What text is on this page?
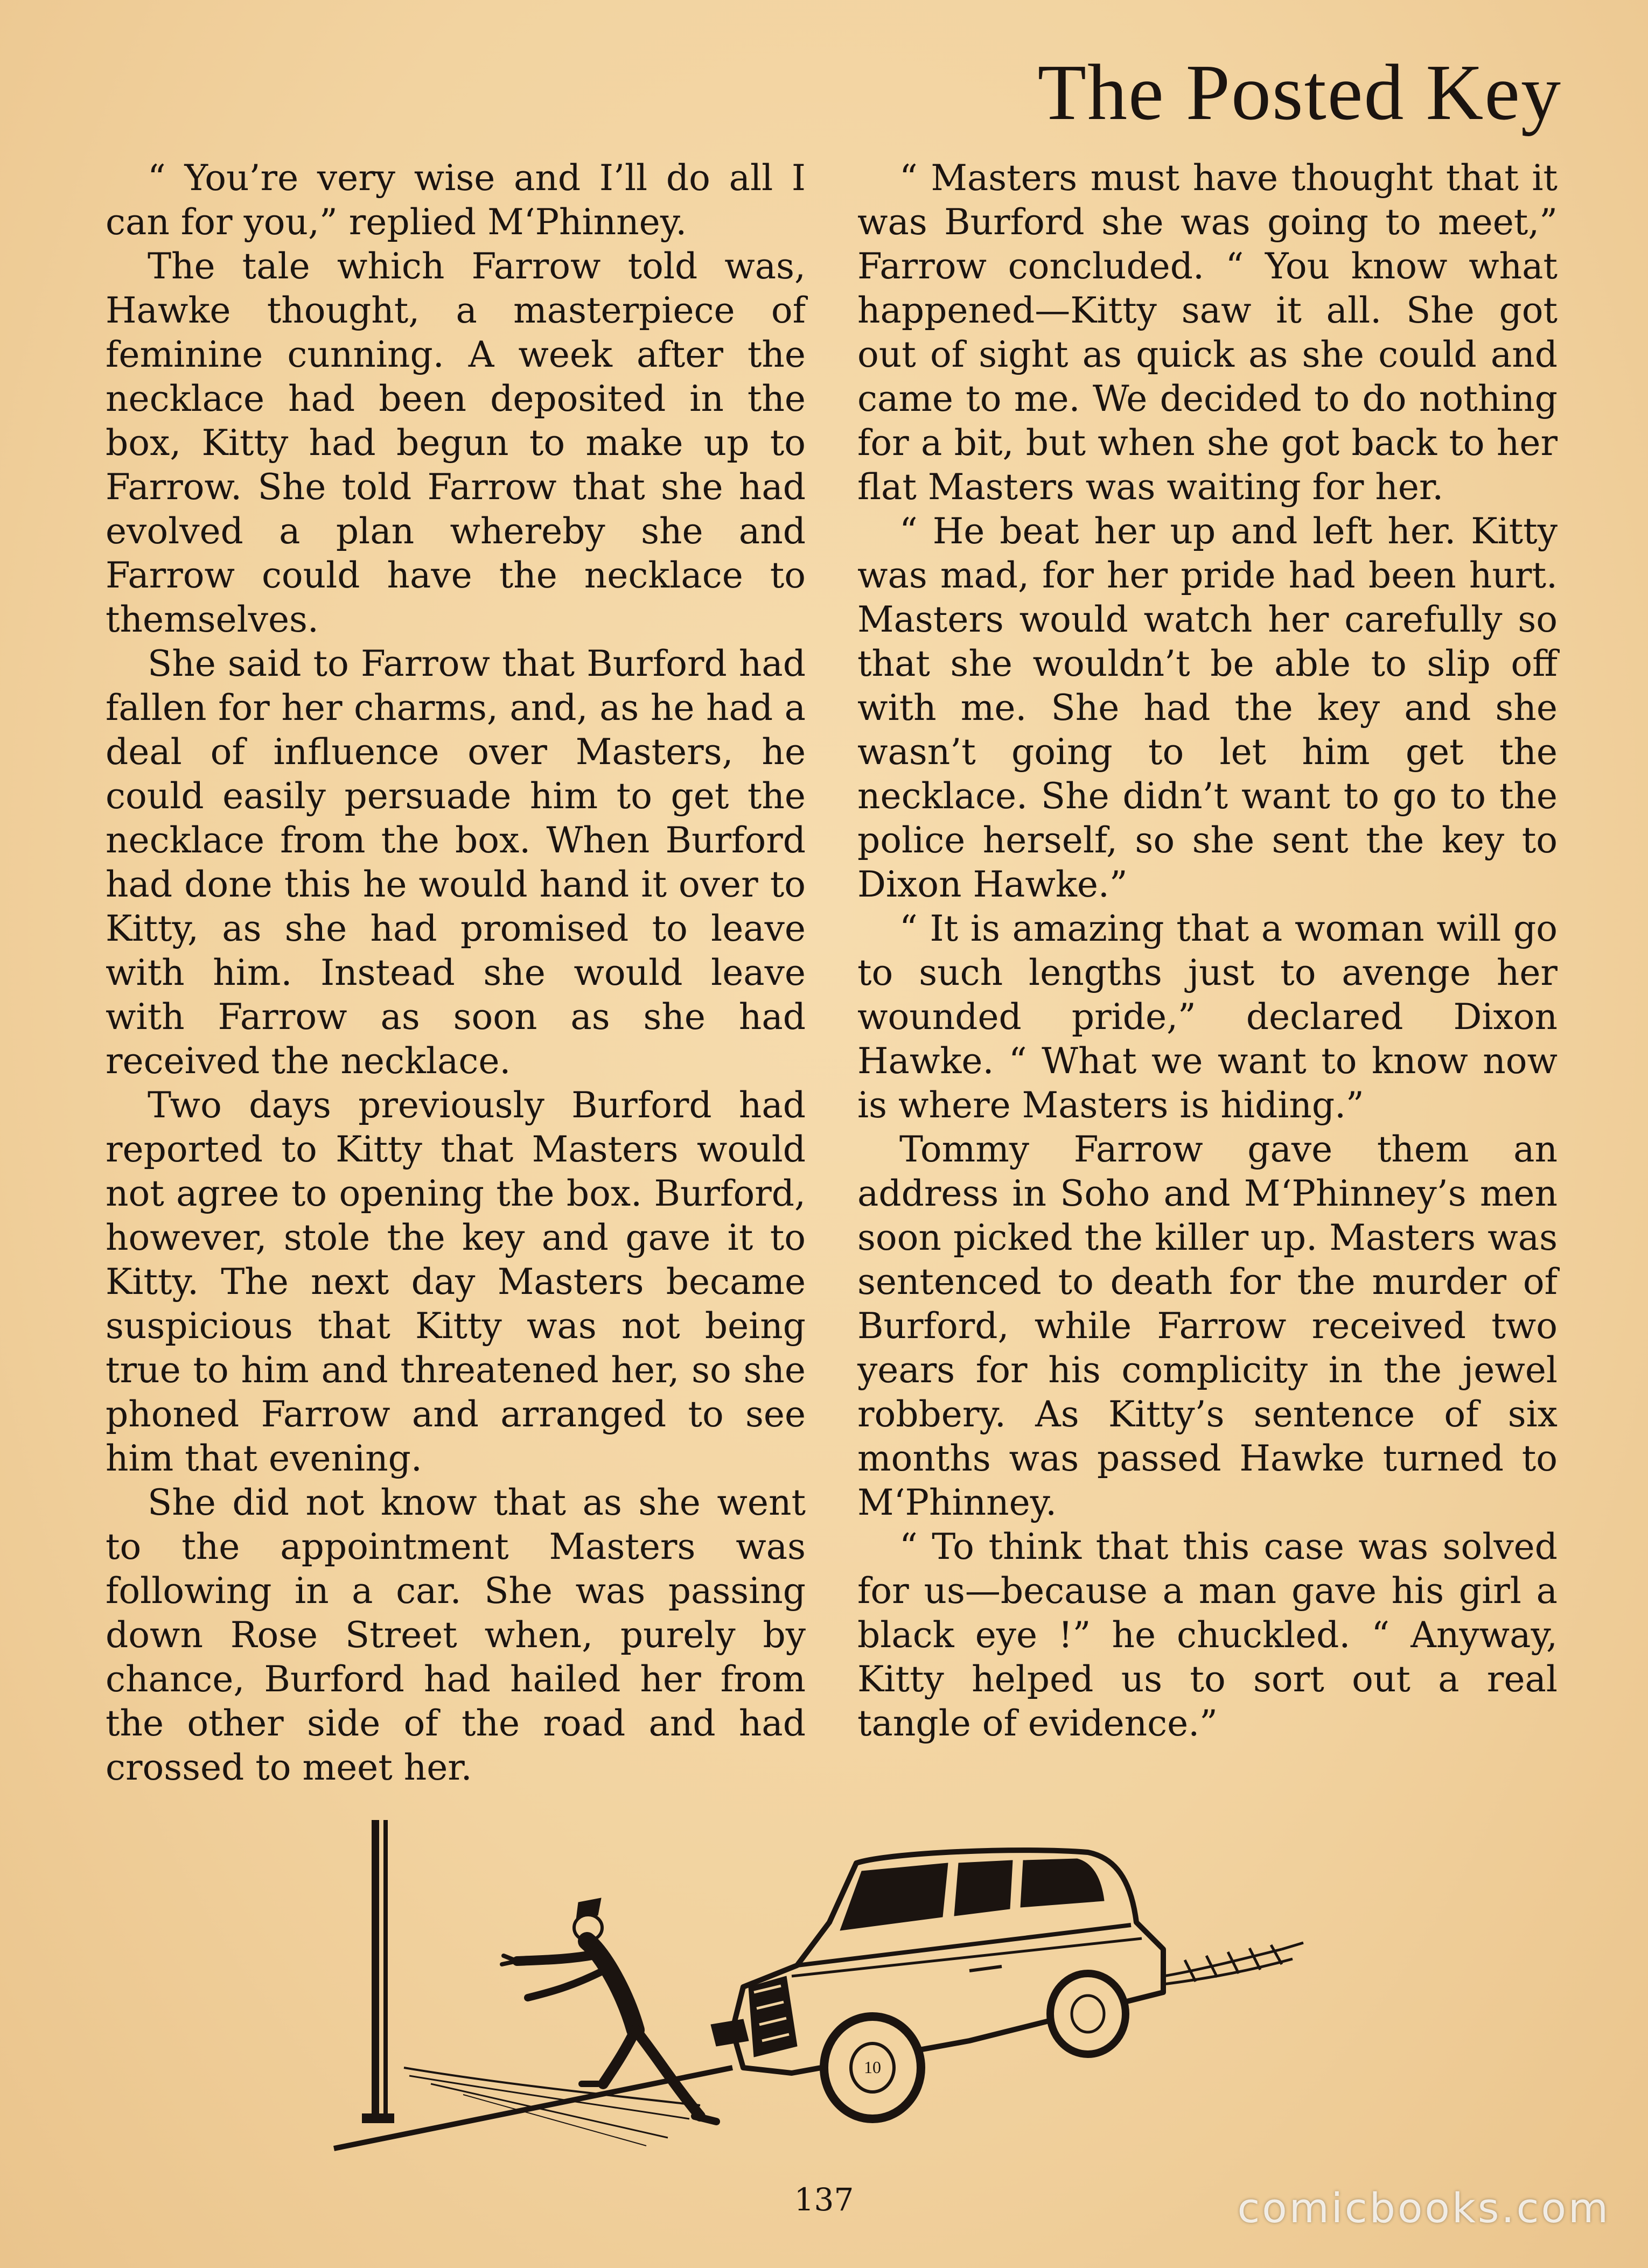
The Posted Key

“ You’re very wise and I’ll do all I can for you,” replied M‘Phinney.

The tale which Farrow told was, Hawke thought, a masterpiece of feminine cunning. A week after the necklace had been deposited in the box, Kitty had begun to make up to Farrow. She told Farrow that she had evolved a plan whereby she and Farrow could have the necklace to themselves.

She said to Farrow that Burford had fallen for her charms, and, as he had a deal of influence over Masters, he could easily persuade him to get the necklace from the box. When Burford had done this he would hand it over to Kitty, as she had promised to leave with him. Instead she would leave with Farrow as soon as she had received the necklace.

Two days previously Burford had reported to Kitty that Masters would not agree to opening the box. Burford, however, stole the key and gave it to Kitty. The next day Masters became suspicious that Kitty was not being true to him and threatened her, so she phoned Farrow and arranged to see him that evening.

She did not know that as she went to the appointment Masters was following in a car. She was passing down Rose Street when, purely by chance, Burford had hailed her from the other side of the road and had crossed to meet her.

“ Masters must have thought that it was Burford she was going to meet,” Farrow concluded. “ You know what happened—Kitty saw it all. She got out of sight as quick as she could and came to me. We decided to do nothing for a bit, but when she got back to her flat Masters was waiting for her.

“ He beat her up and left her. Kitty was mad, for her pride had been hurt. Masters would watch her carefully so that she wouldn’t be able to slip off with me. She had the key and she wasn’t going to let him get the necklace. She didn’t want to go to the police herself, so she sent the key to Dixon Hawke.”

“ It is amazing that a woman will go to such lengths just to avenge her wounded pride,” declared Dixon Hawke. “ What we want to know now is where Masters is hiding.”

Tommy Farrow gave them an address in Soho and M‘Phinney’s men soon picked the killer up. Masters was sentenced to death for the murder of Burford, while Farrow received two years for his complicity in the jewel robbery. As Kitty’s sentence of six months was passed Hawke turned to M‘Phinney.

“ To think that this case was solved for us—because a man gave his girl a black eye !” he chuckled. “ Anyway, Kitty helped us to sort out a real tangle of evidence.”

10
137	comicbooks.com
